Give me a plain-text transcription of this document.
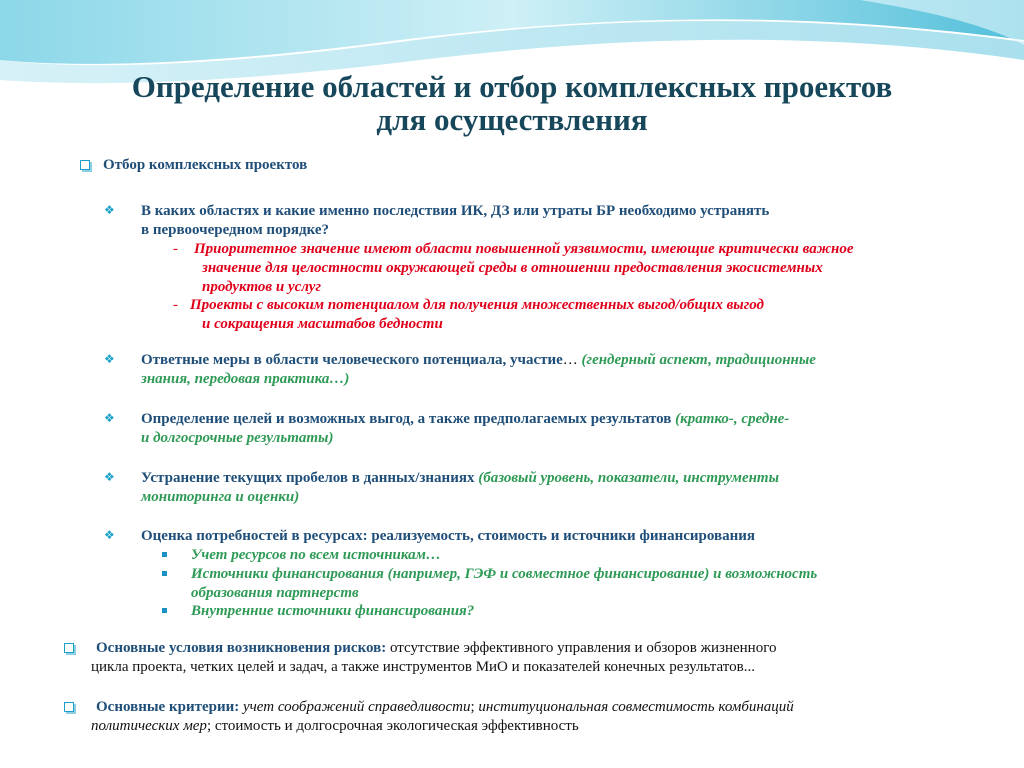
Определение областей и отбор комплексных проектов
для осуществления
Отбор комплексных проектов
❖ В каких областях и какие именно последствия ИК, ДЗ или утраты БР необходимо устранять
в первоочередном порядке?
- Приоритетное значение имеют области повышенной уязвимости, имеющие критически важное
значение для целостности окружающей среды в отношении предоставления экосистемных
продуктов и услуг
- Проекты с высоким потенциалом для получения множественных выгод/общих выгод
и сокращения масштабов бедности
❖ Ответные меры в области человеческого потенциала, участие… (гендерный аспект, традиционные
знания, передовая практика…)
❖ Определение целей и возможных выгод, а также предполагаемых результатов (кратко-, средне-
и долгосрочные результаты)
❖ Устранение текущих пробелов в данных/знаниях (базовый уровень, показатели, инструменты
мониторинга и оценки)
❖ Оценка потребностей в ресурсах: реализуемость, стоимость и источники финансирования
Учет ресурсов по всем источникам…
Источники финансирования (например, ГЭФ и совместное финансирование) и возможность
образования партнерств
Внутренние источники финансирования?
Основные условия возникновения рисков: отсутствие эффективного управления и обзоров жизненного
цикла проекта, четких целей и задач, а также инструментов МиО и показателей конечных результатов...
Основные критерии: учет соображений справедливости; институциональная совместимость комбинаций
политических мер; стоимость и долгосрочная экологическая эффективность
